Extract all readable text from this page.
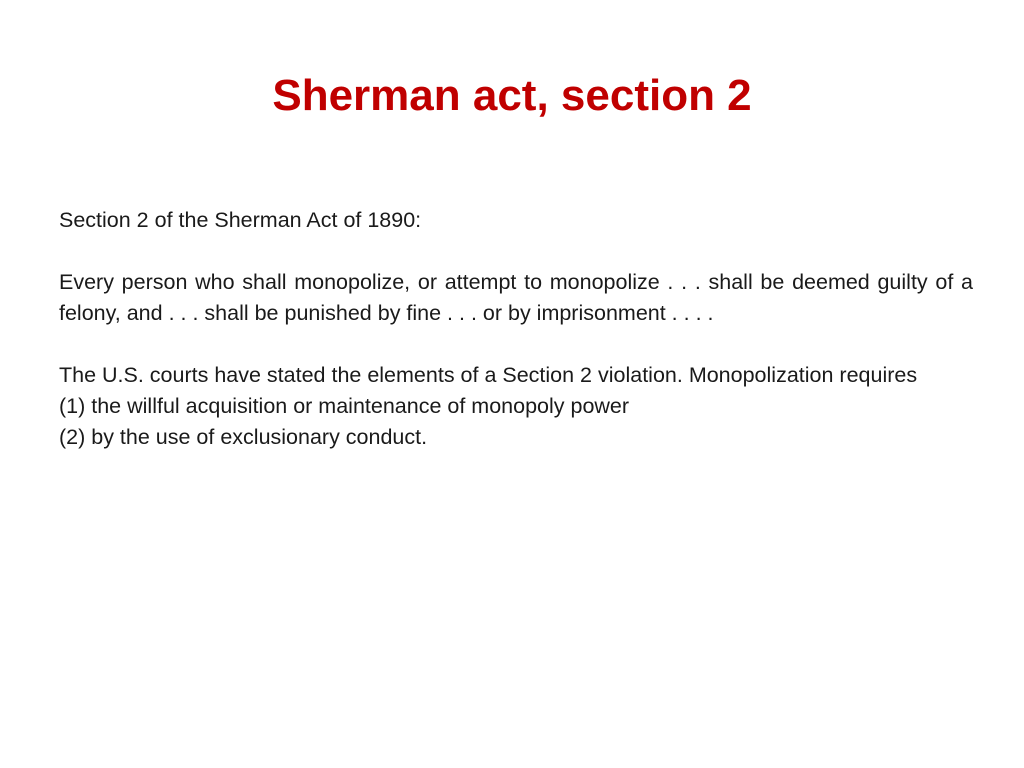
Sherman act, section 2

Section 2 of the Sherman Act of 1890:

Every person who shall monopolize, or attempt to monopolize . . . shall be deemed guilty of a felony, and . . . shall be punished by fine . . . or by imprisonment . . . .

The U.S. courts have stated the elements of a Section 2 violation. Monopolization requires

(1) the willful acquisition or maintenance of monopoly power

(2) by the use of exclusionary conduct.
